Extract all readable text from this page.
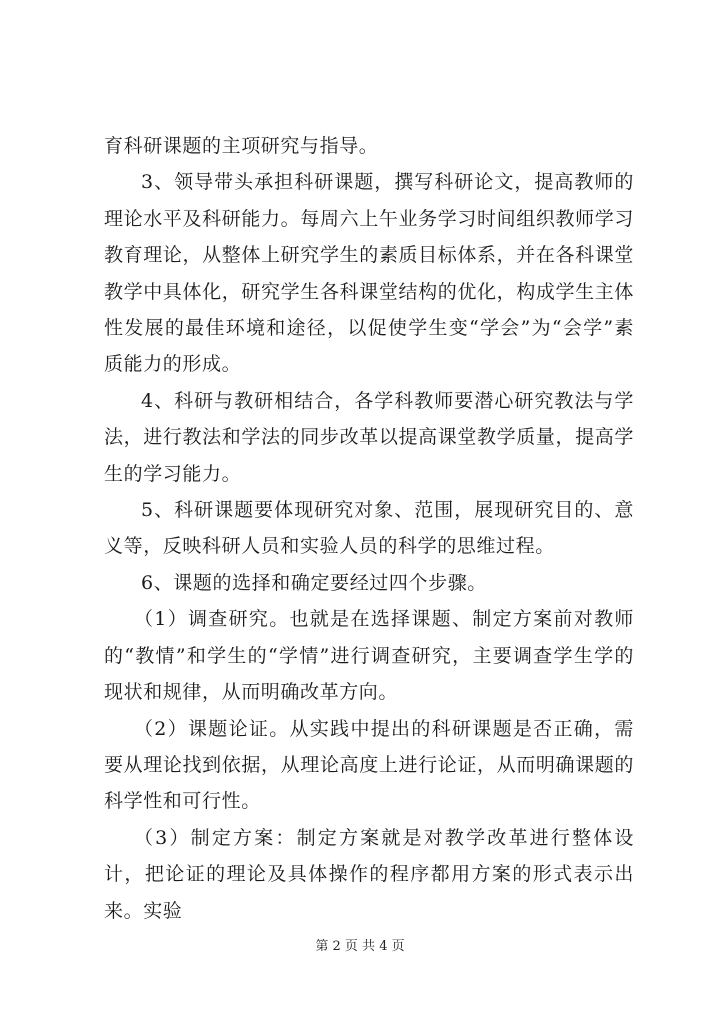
育科研课题的主项研究与指导。

3、领导带头承担科研课题，撰写科研论文，提高教师的理论水平及科研能力。每周六上午业务学习时间组织教师学习教育理论，从整体上研究学生的素质目标体系，并在各科课堂教学中具体化，研究学生各科课堂结构的优化，构成学生主体性发展的最佳环境和途径，以促使学生变“学会”为“会学”素质能力的形成。

4、科研与教研相结合，各学科教师要潜心研究教法与学法，进行教法和学法的同步改革以提高课堂教学质量，提高学生的学习能力。

5、科研课题要体现研究对象、范围，展现研究目的、意义等，反映科研人员和实验人员的科学的思维过程。

6、课题的选择和确定要经过四个步骤。

（1）调查研究。也就是在选择课题、制定方案前对教师的“教情”和学生的“学情”进行调查研究，主要调查学生学的现状和规律，从而明确改革方向。

（2）课题论证。从实践中提出的科研课题是否正确，需要从理论找到依据，从理论高度上进行论证，从而明确课题的科学性和可行性。

（3）制定方案：制定方案就是对教学改革进行整体设计，把论证的理论及具体操作的程序都用方案的形式表示出来。实验

第 2 页 共 4 页
